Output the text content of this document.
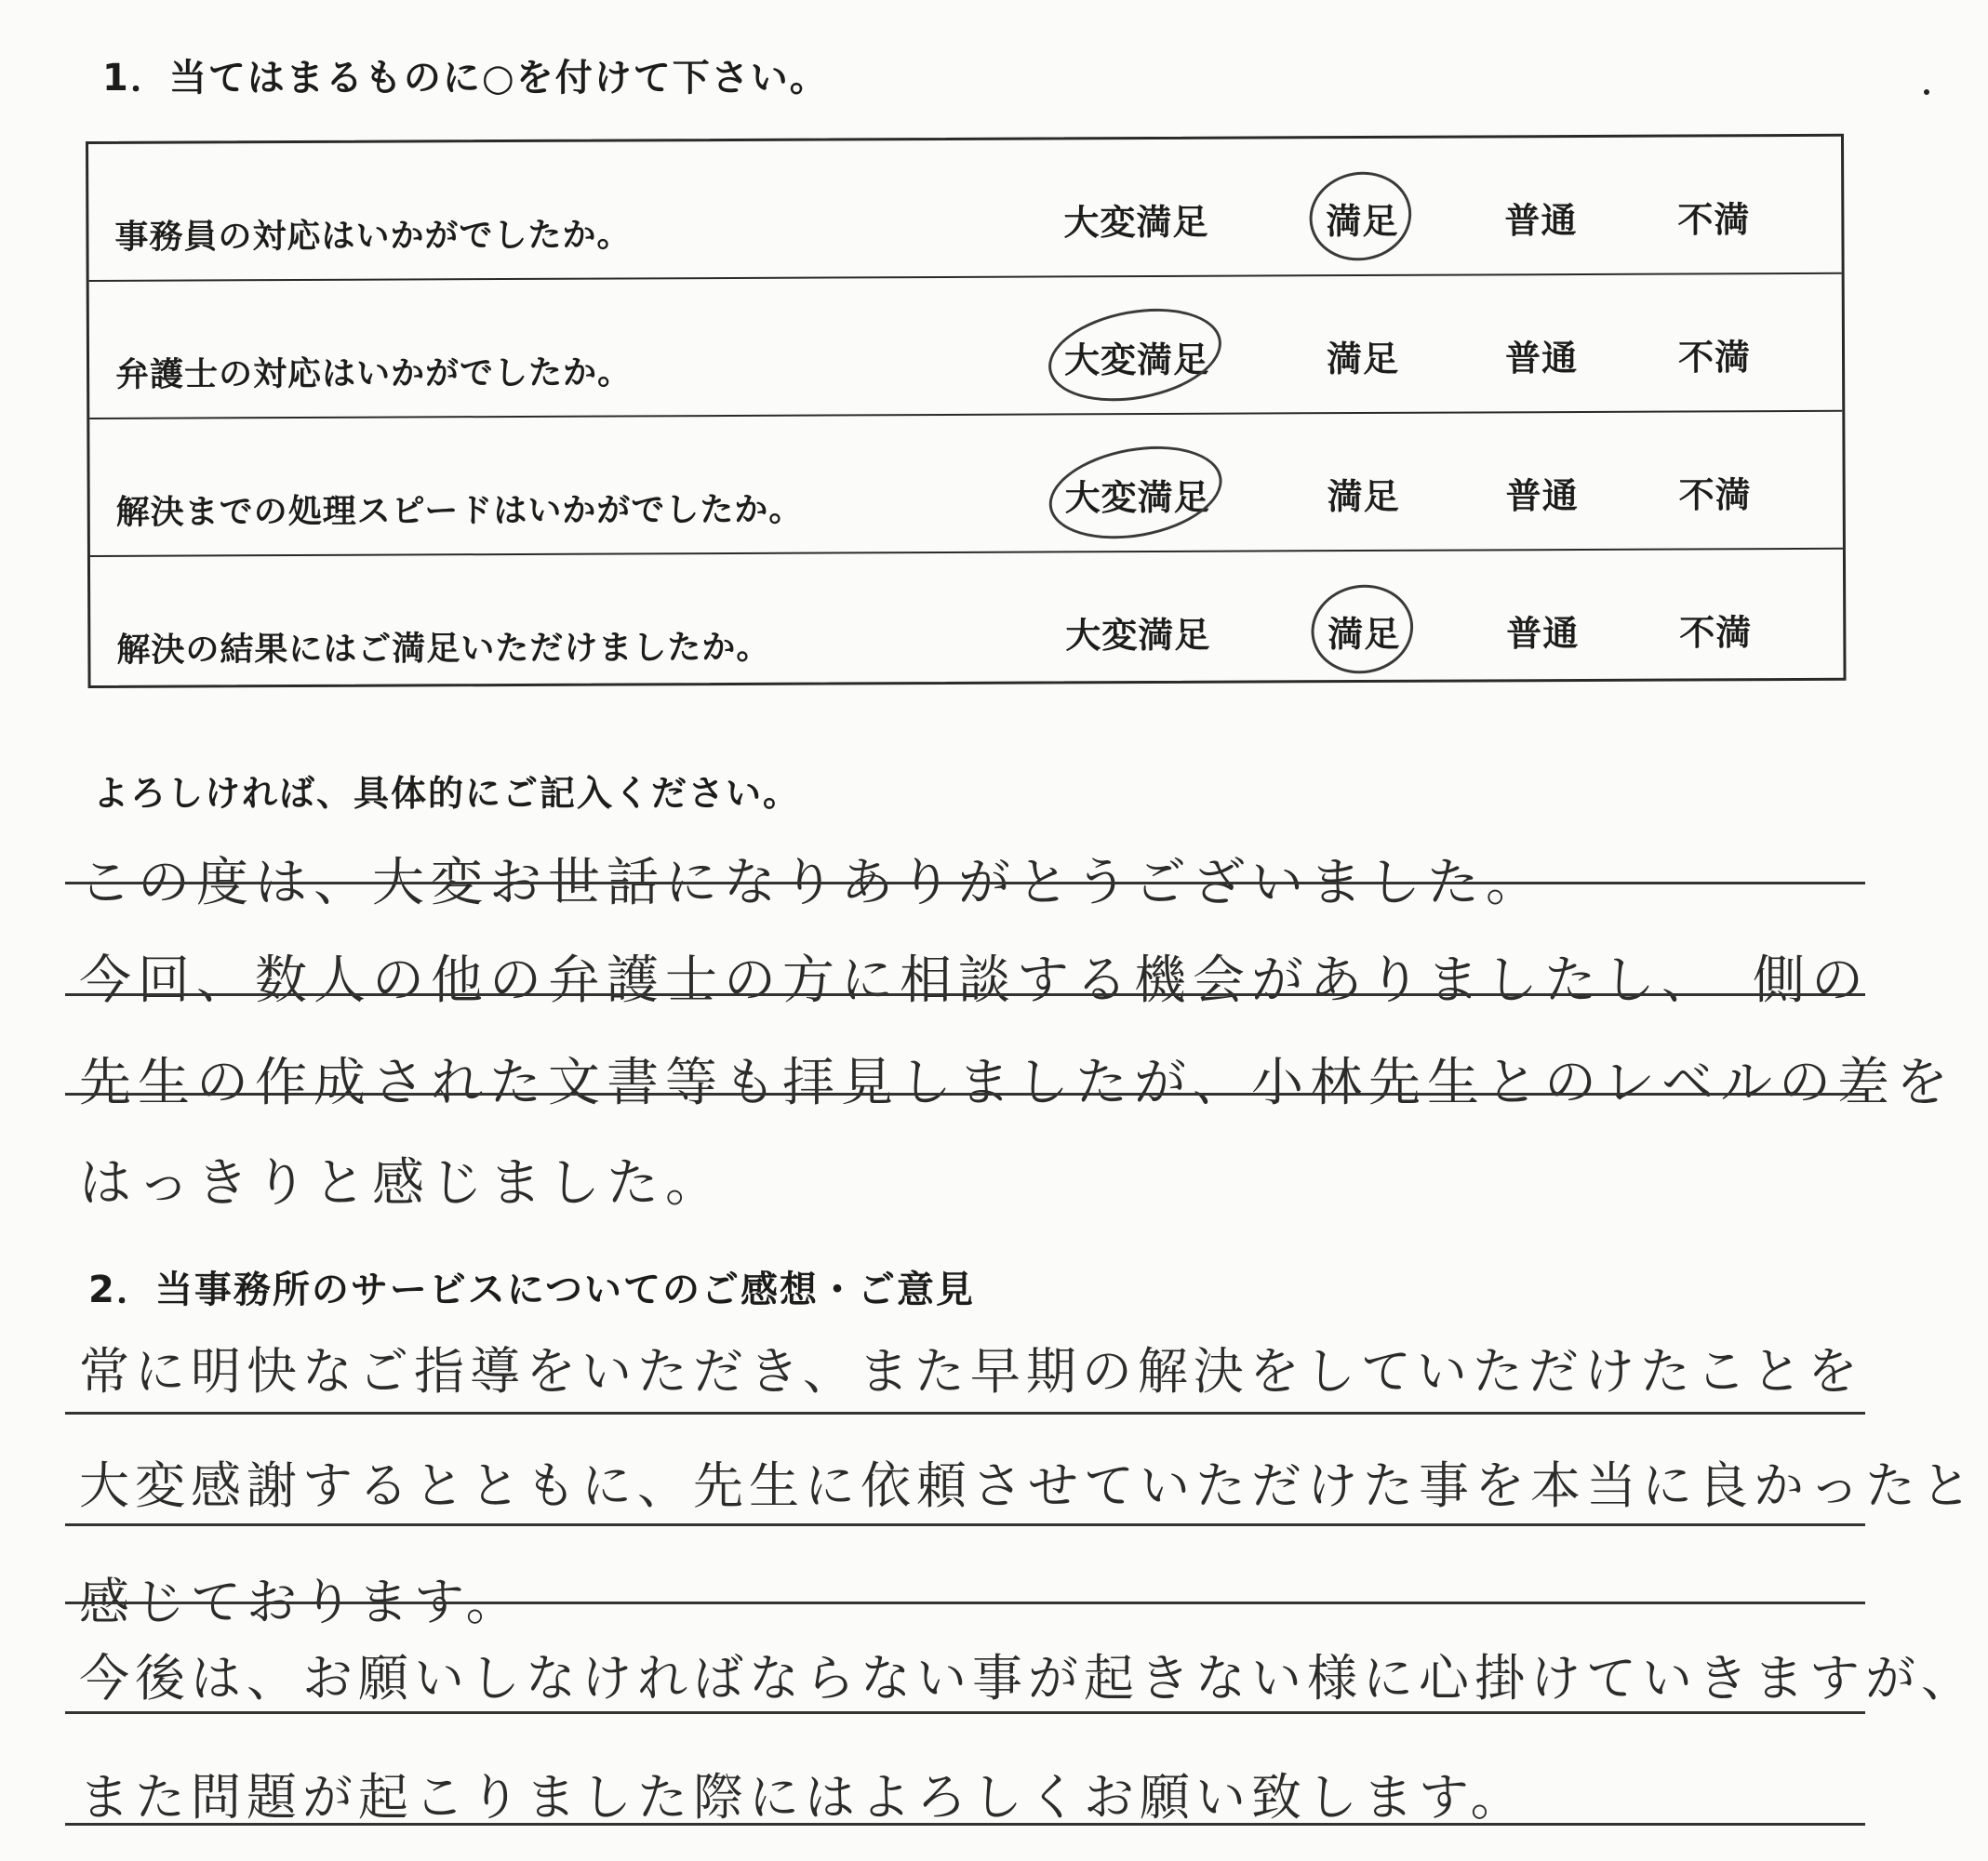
1．当てはまるものに○を付けて下さい。
事務員の対応はいかがでしたか。	大変満足	満足	普通	不満
弁護士の対応はいかがでしたか。	大変満足	満足	普通	不満
解決までの処理スピードはいかがでしたか。	大変満足	満足	普通	不満
解決の結果にはご満足いただけましたか。	大変満足	満足	普通	不満
よろしければ、具体的にご記入ください。
この度は、大変お世話になりありがとうございました。
今回、数人の他の弁護士の方に相談する機会がありましたし、　側の
先生の作成された文書等も拝見しましたが、小林先生とのレベルの差を
はっきりと感じました。
2．当事務所のサービスについてのご感想・ご意見
常に明快なご指導をいただき、また早期の解決をしていただけたことを
大変感謝するとともに、先生に依頼させていただけた事を本当に良かったと
感じております。
今後は、お願いしなければならない事が起きない様に心掛けていきますが、
また問題が起こりました際にはよろしくお願い致します。
